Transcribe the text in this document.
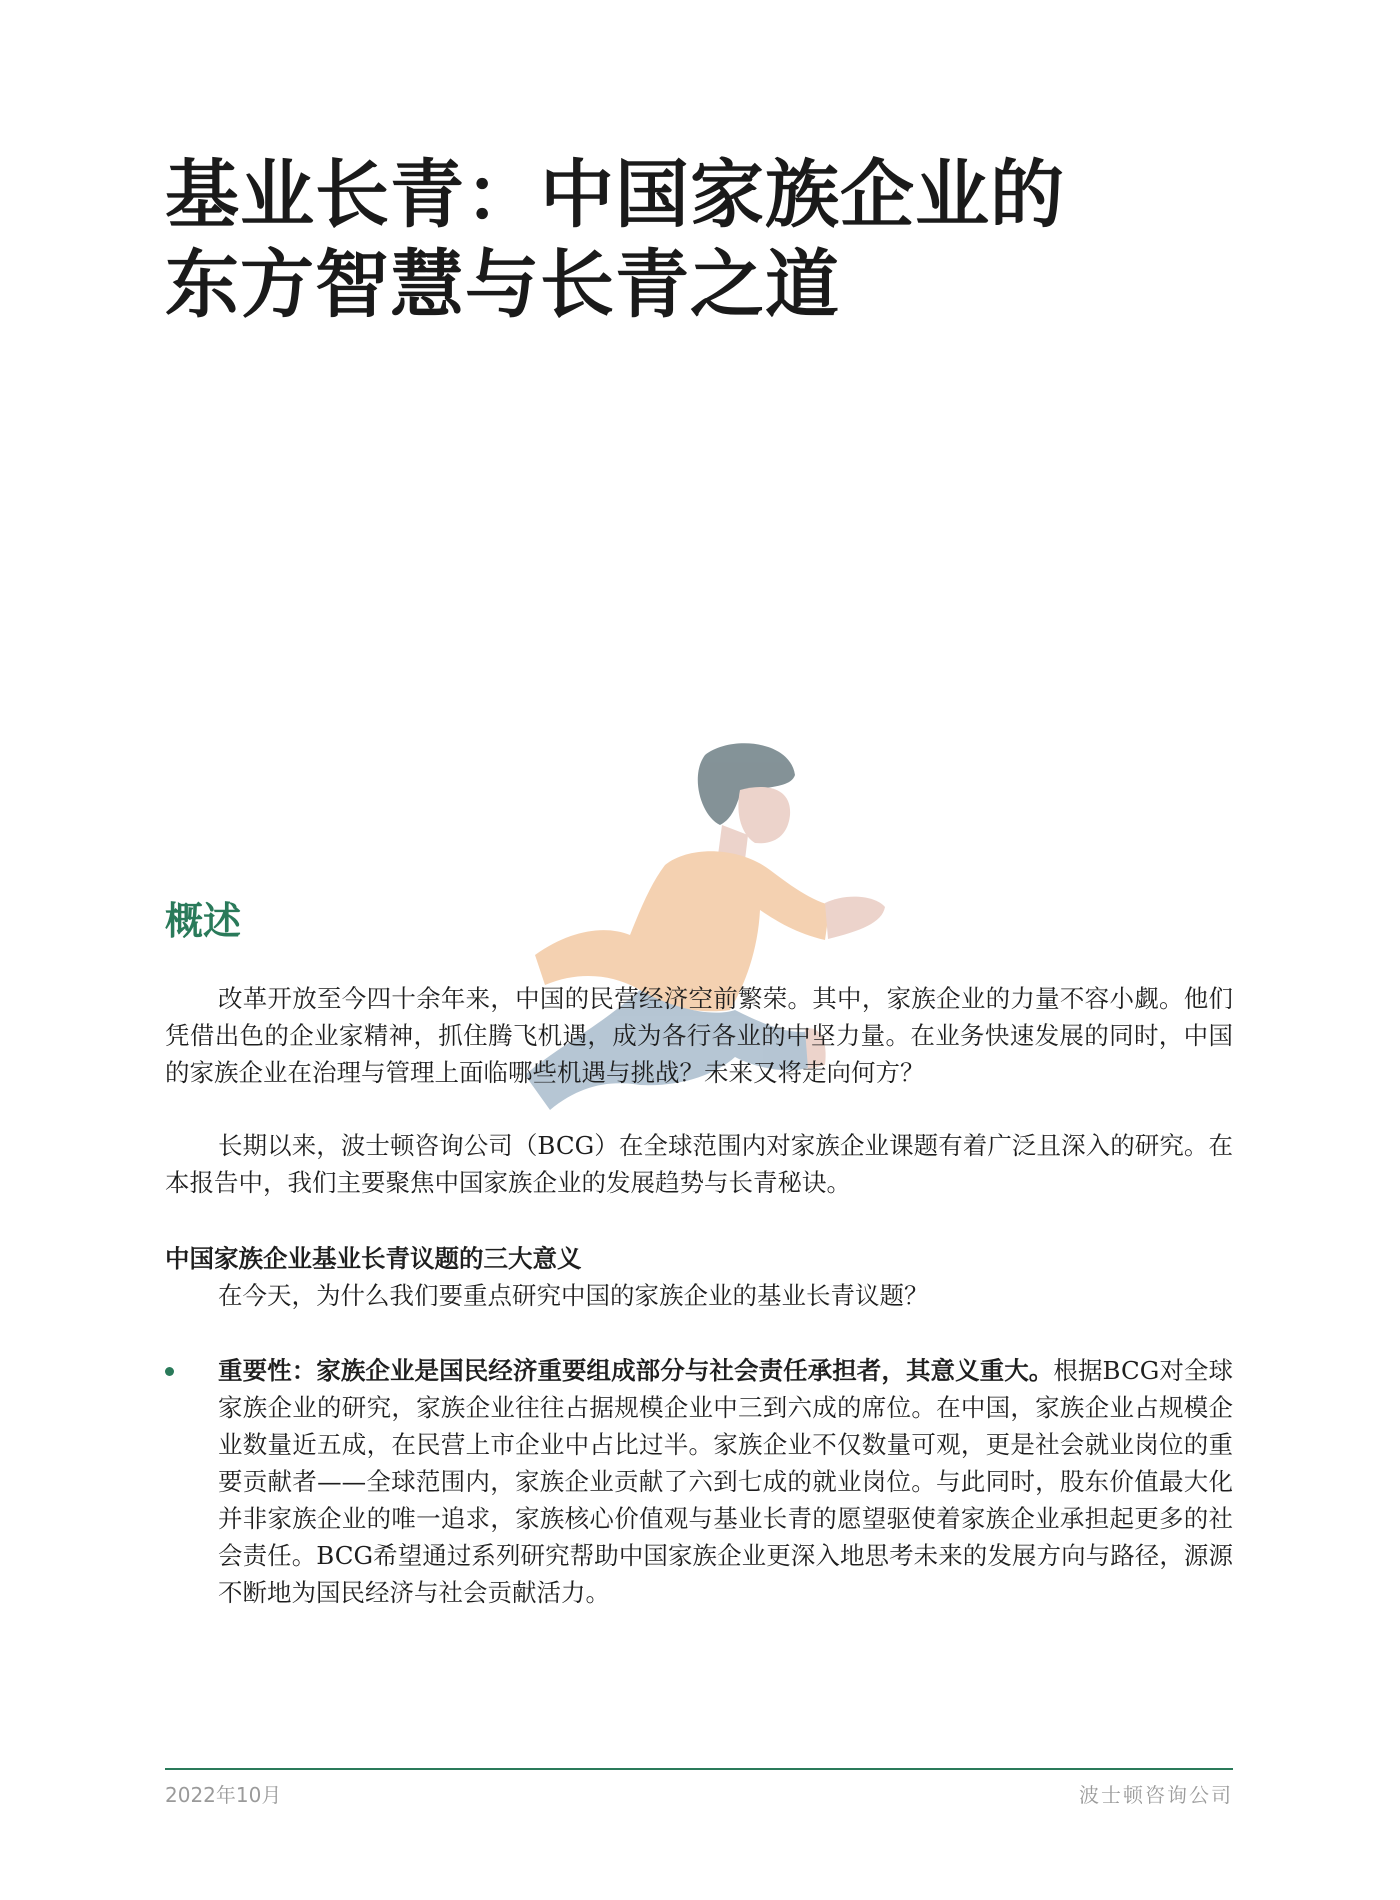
基业长青：中国家族企业的
东方智慧与长青之道
概述

改革开放至今四十余年来，中国的民营经济空前繁荣。其中，家族企业的力量不容小觑。他们凭借出色的企业家精神，抓住腾飞机遇，成为各行各业的中坚力量。在业务快速发展的同时，中国的家族企业在治理与管理上面临哪些机遇与挑战？未来又将走向何方？

长期以来，波士顿咨询公司（BCG）在全球范围内对家族企业课题有着广泛且深入的研究。在本报告中，我们主要聚焦中国家族企业的发展趋势与长青秘诀。

中国家族企业基业长青议题的三大意义

在今天，为什么我们要重点研究中国的家族企业的基业长青议题？

重要性：家族企业是国民经济重要组成部分与社会责任承担者，其意义重大。根据BCG对全球家族企业的研究，家族企业往往占据规模企业中三到六成的席位。在中国，家族企业占规模企业数量近五成，在民营上市企业中占比过半。家族企业不仅数量可观，更是社会就业岗位的重要贡献者——全球范围内，家族企业贡献了六到七成的就业岗位。与此同时，股东价值最大化并非家族企业的唯一追求，家族核心价值观与基业长青的愿望驱使着家族企业承担起更多的社会责任。BCG希望通过系列研究帮助中国家族企业更深入地思考未来的发展方向与路径，源源不断地为国民经济与社会贡献活力。

2022年10月	波士顿咨询公司
